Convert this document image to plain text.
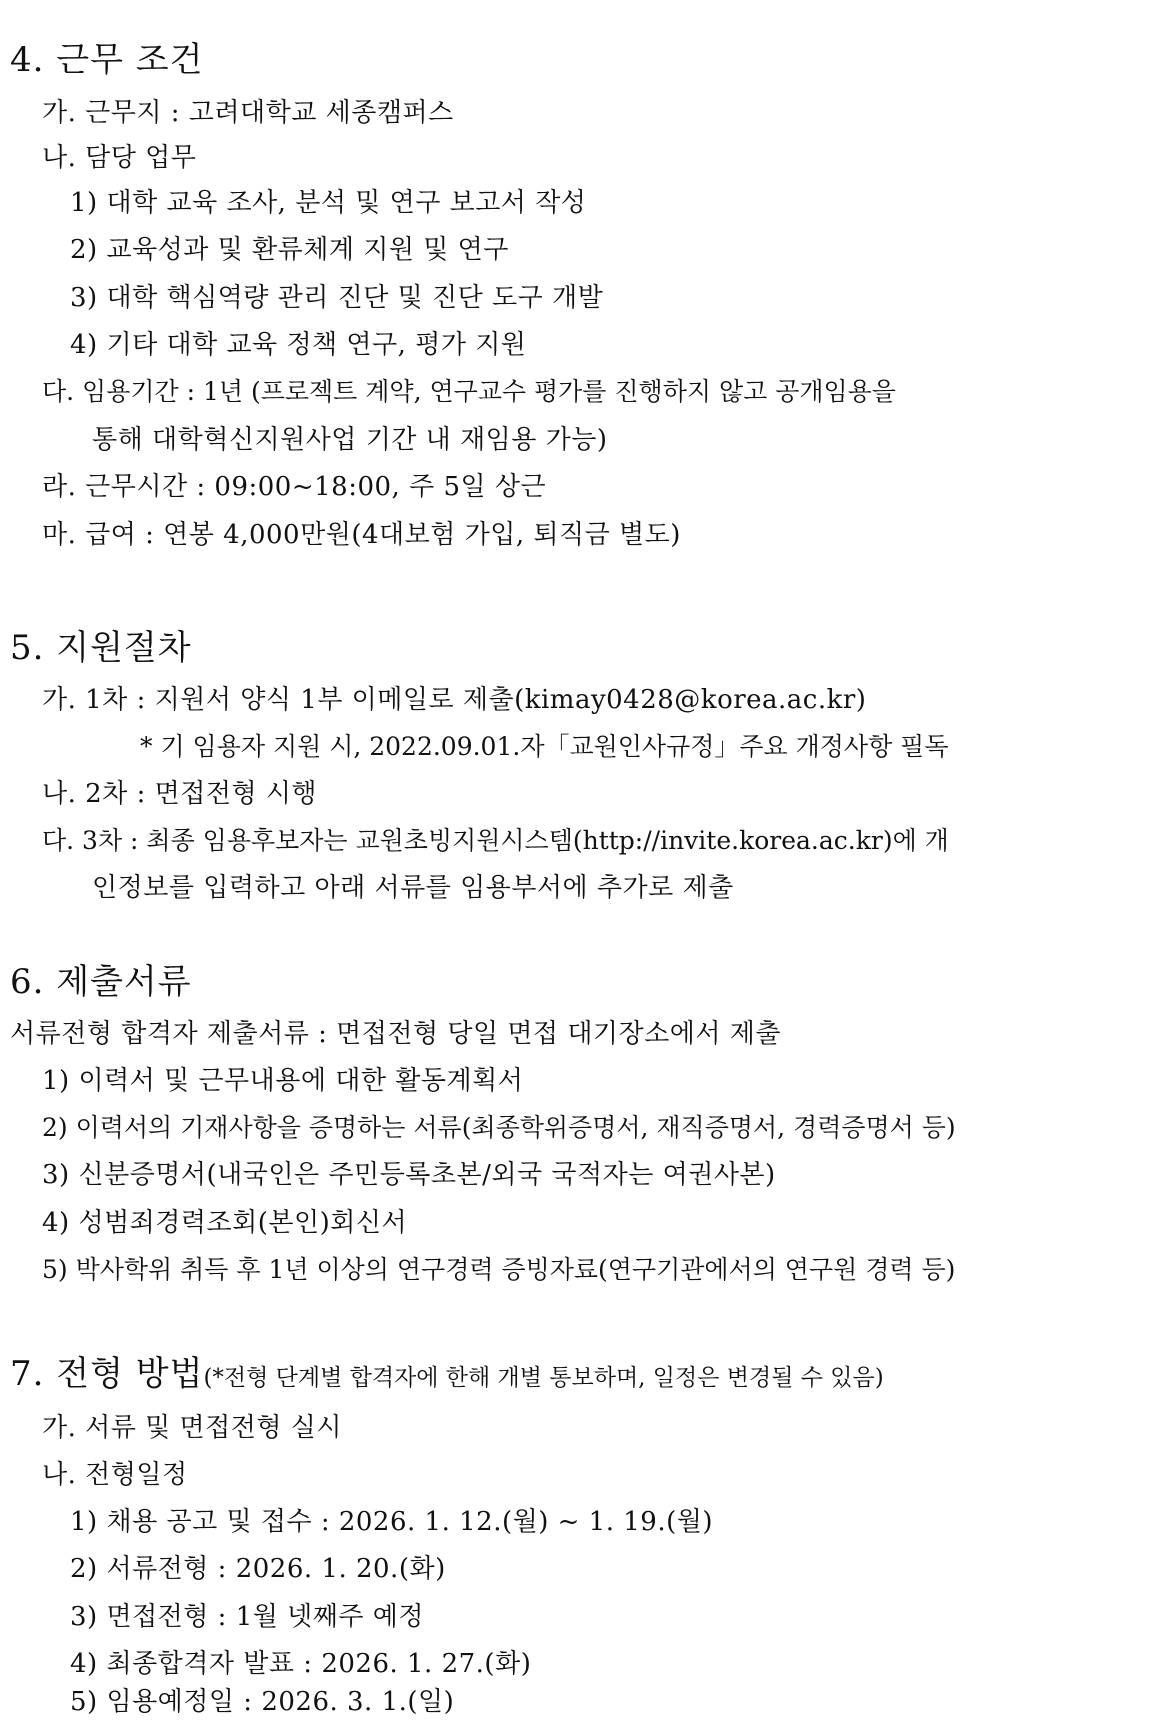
4. 근무 조건
가. 근무지 : 고려대학교 세종캠퍼스
나. 담당 업무
1) 대학 교육 조사, 분석 및 연구 보고서 작성
2) 교육성과 및 환류체계 지원 및 연구
3) 대학 핵심역량 관리 진단 및 진단 도구 개발
4) 기타 대학 교육 정책 연구, 평가 지원
다. 임용기간 : 1년 (프로젝트 계약, 연구교수 평가를 진행하지 않고 공개임용을
통해 대학혁신지원사업 기간 내 재임용 가능)
라. 근무시간 : 09:00~18:00, 주 5일 상근
마. 급여 : 연봉 4,000만원(4대보험 가입, 퇴직금 별도)
5. 지원절차
가. 1차 : 지원서 양식 1부 이메일로 제출(kimay0428@korea.ac.kr)
* 기 임용자 지원 시, 2022.09.01.자「교원인사규정」주요 개정사항 필독
나. 2차 : 면접전형 시행
다. 3차 : 최종 임용후보자는 교원초빙지원시스템(http://invite.korea.ac.kr)에 개
인정보를 입력하고 아래 서류를 임용부서에 추가로 제출
6. 제출서류
서류전형 합격자 제출서류 : 면접전형 당일 면접 대기장소에서 제출
1) 이력서 및 근무내용에 대한 활동계획서
2) 이력서의 기재사항을 증명하는 서류(최종학위증명서, 재직증명서, 경력증명서 등)
3) 신분증명서(내국인은 주민등록초본/외국 국적자는 여권사본)
4) 성범죄경력조회(본인)회신서
5) 박사학위 취득 후 1년 이상의 연구경력 증빙자료(연구기관에서의 연구원 경력 등)
7. 전형 방법(*전형 단계별 합격자에 한해 개별 통보하며, 일정은 변경될 수 있음)
가. 서류 및 면접전형 실시
나. 전형일정
1) 채용 공고 및 접수 : 2026. 1. 12.(월) ~ 1. 19.(월)
2) 서류전형 : 2026. 1. 20.(화)
3) 면접전형 : 1월 넷째주 예정
4) 최종합격자 발표 : 2026. 1. 27.(화)
5) 임용예정일 : 2026. 3. 1.(일)
